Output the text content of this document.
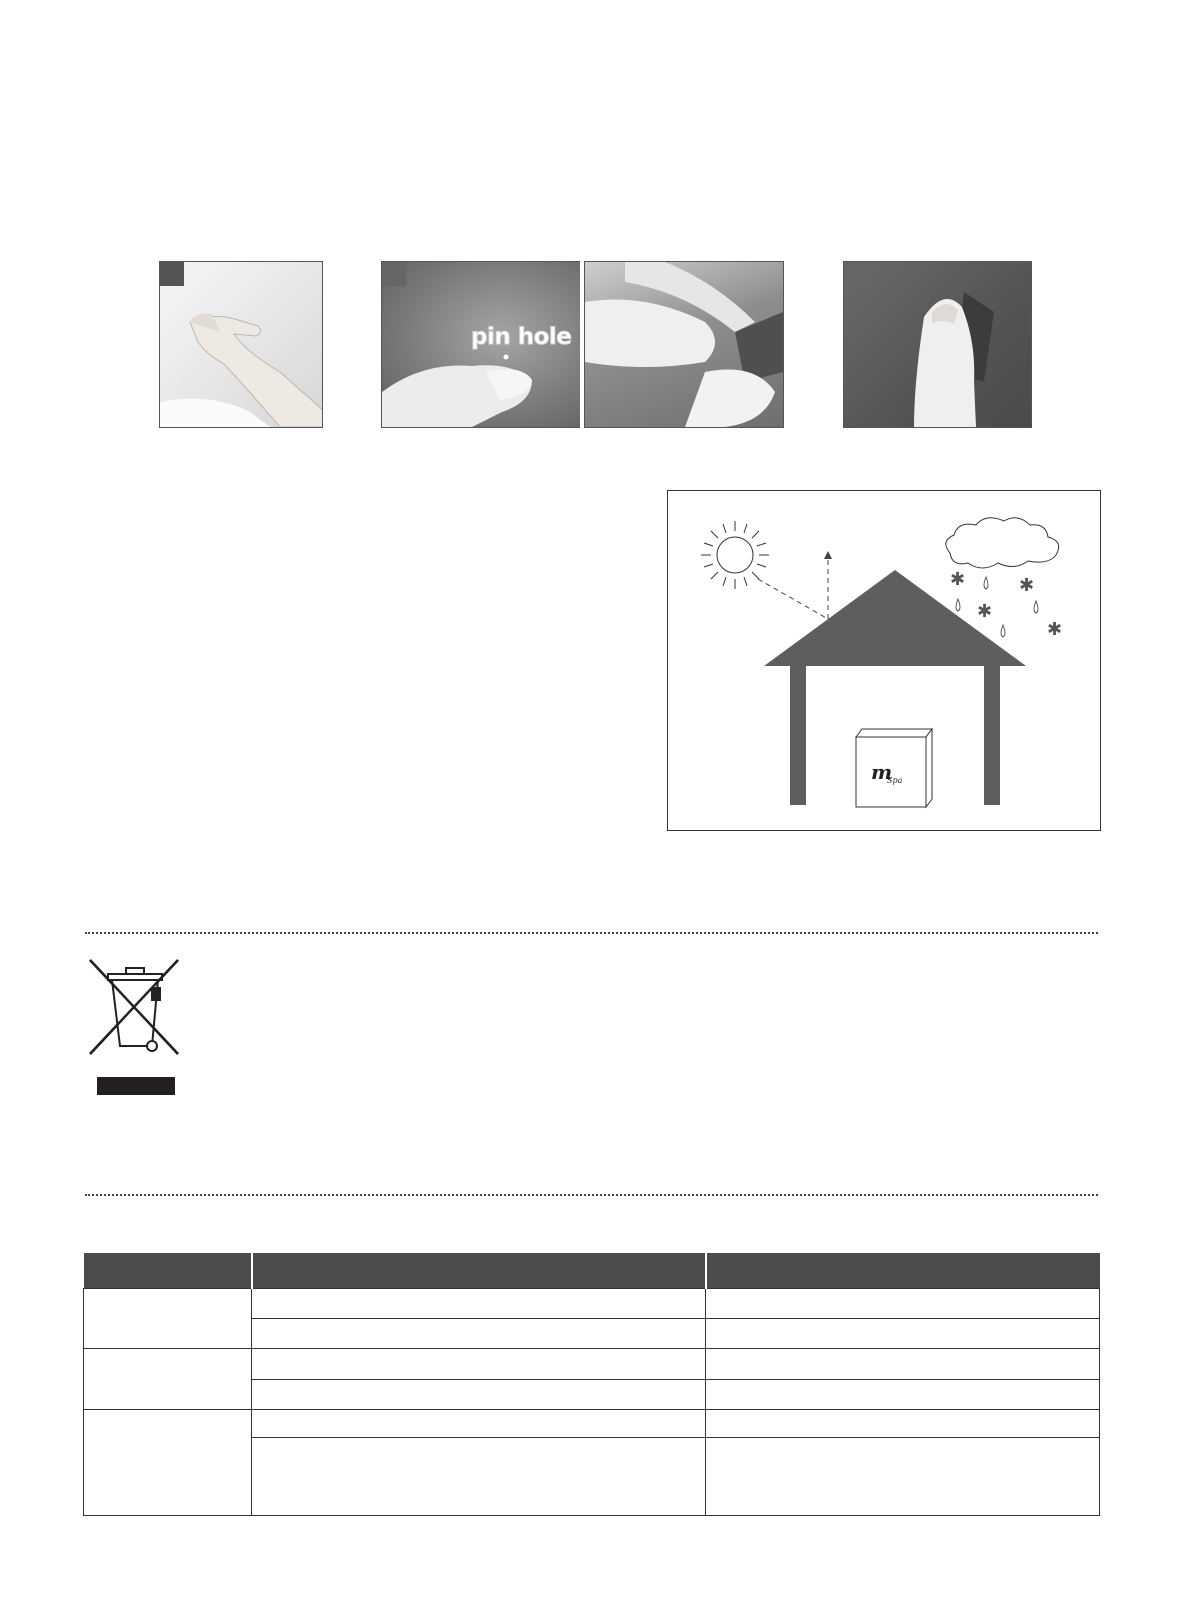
pin hole
✱	✱
✱
✱
m
Spa
